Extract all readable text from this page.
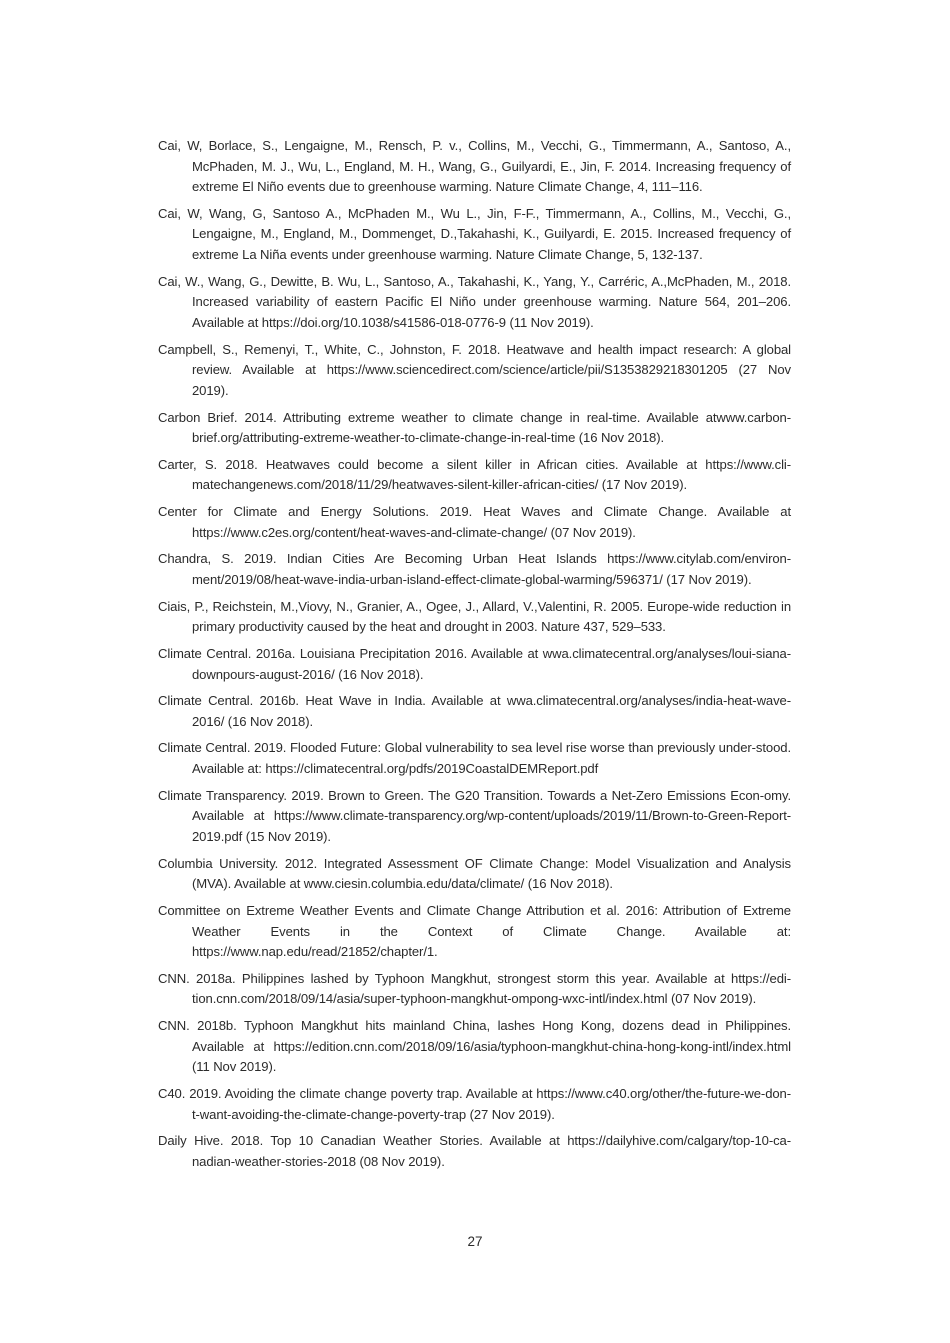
Cai, W, Borlace, S., Lengaigne, M., Rensch, P. v., Collins, M., Vecchi, G., Timmermann, A., Santoso, A., McPhaden, M. J., Wu, L., England, M. H., Wang, G., Guilyardi, E., Jin, F. 2014. Increasing frequency of extreme El Niño events due to greenhouse warming. Nature Climate Change, 4, 111–116.

Cai, W, Wang, G, Santoso A., McPhaden M., Wu L., Jin, F-F., Timmermann, A., Collins, M., Vecchi, G., Lengaigne, M., England, M., Dommenget, D.,Takahashi, K., Guilyardi, E. 2015. Increased frequency of extreme La Niña events under greenhouse warming. Nature Climate Change, 5, 132-137.

Cai, W., Wang, G., Dewitte, B. Wu, L., Santoso, A., Takahashi, K., Yang, Y., Carréric, A.,McPhaden, M., 2018. Increased variability of eastern Pacific El Niño under greenhouse warming. Nature 564, 201–206. Available at https://doi.org/10.1038/s41586-018-0776-9 (11 Nov 2019).

Campbell, S., Remenyi, T., White, C., Johnston, F. 2018. Heatwave and health impact research: A global review. Available at https://www.sciencedirect.com/science/article/pii/S1353829218301205 (27 Nov 2019).

Carbon Brief. 2014. Attributing extreme weather to climate change in real-time. Available atwww.carbon-brief.org/attributing-extreme-weather-to-climate-change-in-real-time (16 Nov 2018).

Carter, S. 2018. Heatwaves could become a silent killer in African cities. Available at https://www.cli-matechangenews.com/2018/11/29/heatwaves-silent-killer-african-cities/ (17 Nov 2019).

Center for Climate and Energy Solutions. 2019. Heat Waves and Climate Change. Available at https://www.c2es.org/content/heat-waves-and-climate-change/ (07 Nov 2019).

Chandra, S. 2019. Indian Cities Are Becoming Urban Heat Islands https://www.citylab.com/environ-ment/2019/08/heat-wave-india-urban-island-effect-climate-global-warming/596371/ (17 Nov 2019).

Ciais, P., Reichstein, M.,Viovy, N., Granier, A., Ogee, J., Allard, V.,Valentini, R. 2005. Europe-wide reduction in primary productivity caused by the heat and drought in 2003. Nature 437, 529–533.

Climate Central. 2016a. Louisiana Precipitation 2016. Available at wwa.climatecentral.org/analyses/loui-siana-downpours-august-2016/ (16 Nov 2018).

Climate Central. 2016b. Heat Wave in India. Available at wwa.climatecentral.org/analyses/india-heat-wave-2016/ (16 Nov 2018).

Climate Central. 2019. Flooded Future: Global vulnerability to sea level rise worse than previously under-stood. Available at: https://climatecentral.org/pdfs/2019CoastalDEMReport.pdf

Climate Transparency. 2019. Brown to Green. The G20 Transition. Towards a Net-Zero Emissions Econ-omy. Available at https://www.climate-transparency.org/wp-content/uploads/2019/11/Brown-to-Green-Report-2019.pdf (15 Nov 2019).

Columbia University. 2012. Integrated Assessment OF Climate Change: Model Visualization and Analysis (MVA). Available at www.ciesin.columbia.edu/data/climate/ (16 Nov 2018).

Committee on Extreme Weather Events and Climate Change Attribution et al. 2016: Attribution of Extreme Weather Events in the Context of Climate Change. Available at: https://www.nap.edu/read/21852/chapter/1.

CNN. 2018a. Philippines lashed by Typhoon Mangkhut, strongest storm this year. Available at https://edi-tion.cnn.com/2018/09/14/asia/super-typhoon-mangkhut-ompong-wxc-intl/index.html (07 Nov 2019).

CNN. 2018b. Typhoon Mangkhut hits mainland China, lashes Hong Kong, dozens dead in Philippines. Available at https://edition.cnn.com/2018/09/16/asia/typhoon-mangkhut-china-hong-kong-intl/index.html (11 Nov 2019).

C40. 2019. Avoiding the climate change poverty trap. Available at https://www.c40.org/other/the-future-we-don-t-want-avoiding-the-climate-change-poverty-trap (27 Nov 2019).

Daily Hive. 2018. Top 10 Canadian Weather Stories. Available at https://dailyhive.com/calgary/top-10-ca-nadian-weather-stories-2018 (08 Nov 2019).

27
